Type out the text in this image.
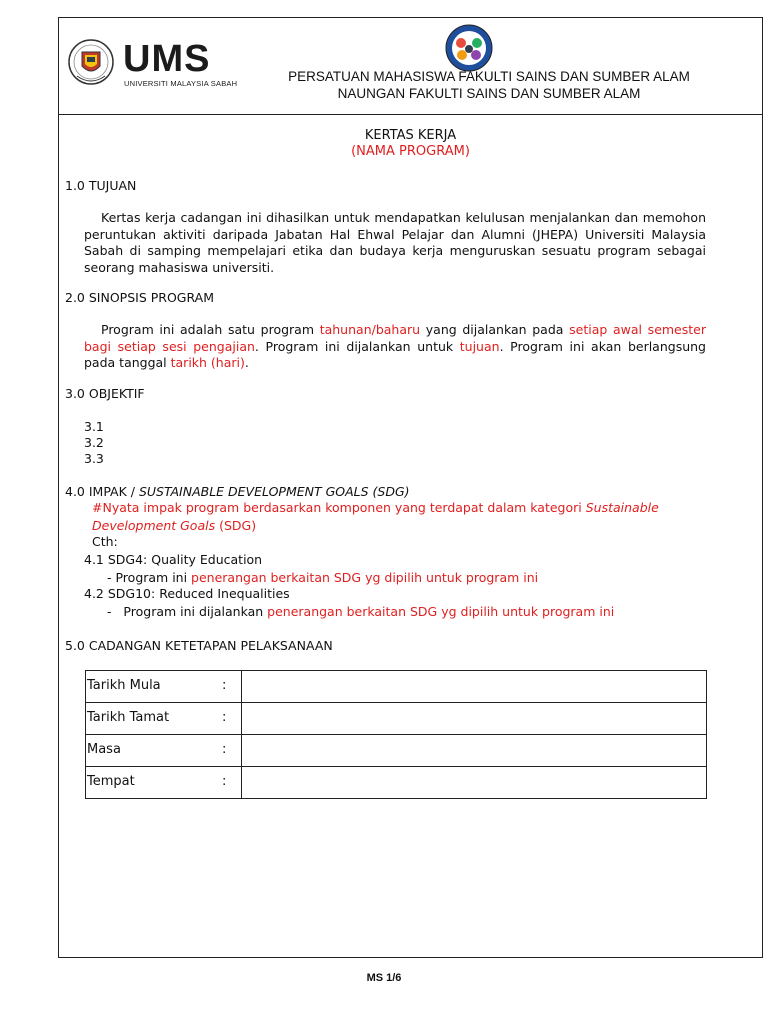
UMS
UNIVERSITI MALAYSIA SABAH	PERSATUAN MAHASISWA FAKULTI SAINS DAN SUMBER ALAM
NAUNGAN FAKULTI SAINS DAN SUMBER ALAM
KERTAS KERJA
(NAMA PROGRAM)
1.0 TUJUAN
Kertas kerja cadangan ini dihasilkan untuk mendapatkan kelulusan menjalankan dan memohon peruntukan aktiviti daripada Jabatan Hal Ehwal Pelajar dan Alumni (JHEPA) Universiti Malaysia Sabah di samping mempelajari etika dan budaya kerja menguruskan sesuatu program sebagai seorang mahasiswa universiti.
2.0 SINOPSIS PROGRAM
Program ini adalah satu program tahunan/baharu yang dijalankan pada setiap awal semester bagi setiap sesi pengajian. Program ini dijalankan untuk tujuan. Program ini akan berlangsung pada tanggal tarikh (hari).
3.0 OBJEKTIF
3.1
3.2
3.3
4.0 IMPAK / SUSTAINABLE DEVELOPMENT GOALS (SDG)
#Nyata impak program berdasarkan komponen yang terdapat dalam kategori Sustainable Development Goals (SDG)
Cth:
4.1 SDG4: Quality Education
- Program ini penerangan berkaitan SDG yg dipilih untuk program ini
4.2 SDG10: Reduced Inequalities
-   Program ini dijalankan penerangan berkaitan SDG yg dipilih untuk program ini
5.0 CADANGAN KETETAPAN PELAKSANAAN
Tarikh Mula :	

Tarikh Tamat :	

Masa :	

Tempat :	

MS 1/6
